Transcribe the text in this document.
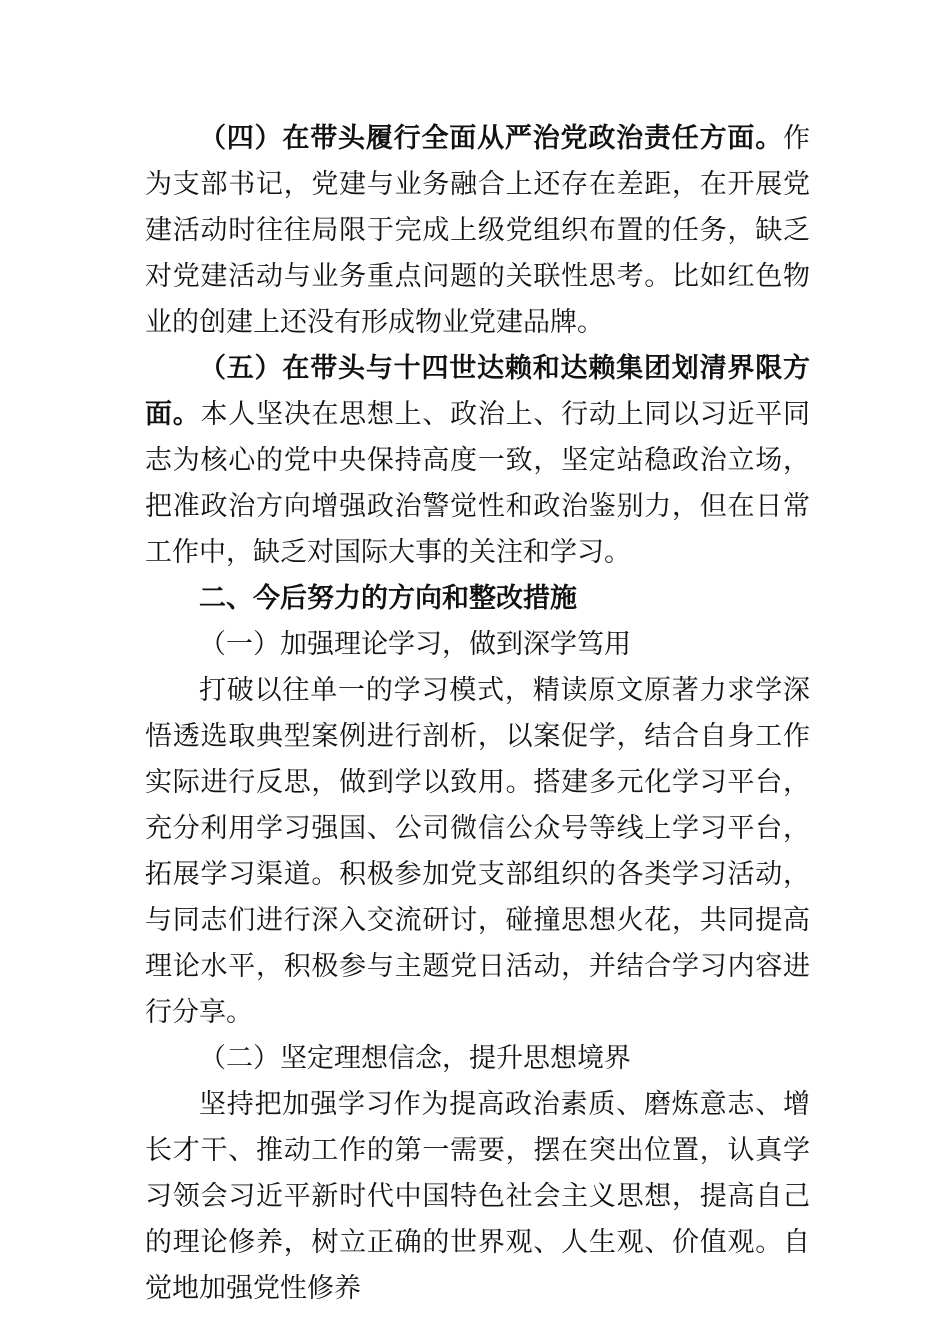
（四）在带头履行全面从严治党政治责任方面。作为支部书记，党建与业务融合上还存在差距，在开展党建活动时往往局限于完成上级党组织布置的任务，缺乏对党建活动与业务重点问题的关联性思考。比如红色物业的创建上还没有形成物业党建品牌。

（五）在带头与十四世达赖和达赖集团划清界限方面。本人坚决在思想上、政治上、行动上同以习近平同志为核心的党中央保持高度一致，坚定站稳政治立场，把准政治方向增强政治警觉性和政治鉴别力，但在日常工作中，缺乏对国际大事的关注和学习。

二、今后努力的方向和整改措施

（一）加强理论学习，做到深学笃用

打破以往单一的学习模式，精读原文原著力求学深悟透选取典型案例进行剖析，以案促学，结合自身工作实际进行反思，做到学以致用。搭建多元化学习平台，充分利用学习强国、公司微信公众号等线上学习平台，拓展学习渠道。积极参加党支部组织的各类学习活动，与同志们进行深入交流研讨，碰撞思想火花，共同提高理论水平，积极参与主题党日活动，并结合学习内容进行分享。

（二）坚定理想信念，提升思想境界

坚持把加强学习作为提高政治素质、磨炼意志、增长才干、推动工作的第一需要，摆在突出位置，认真学习领会习近平新时代中国特色社会主义思想，提高自己的理论修养，树立正确的世界观、人生观、价值观。自觉地加强党性修养
